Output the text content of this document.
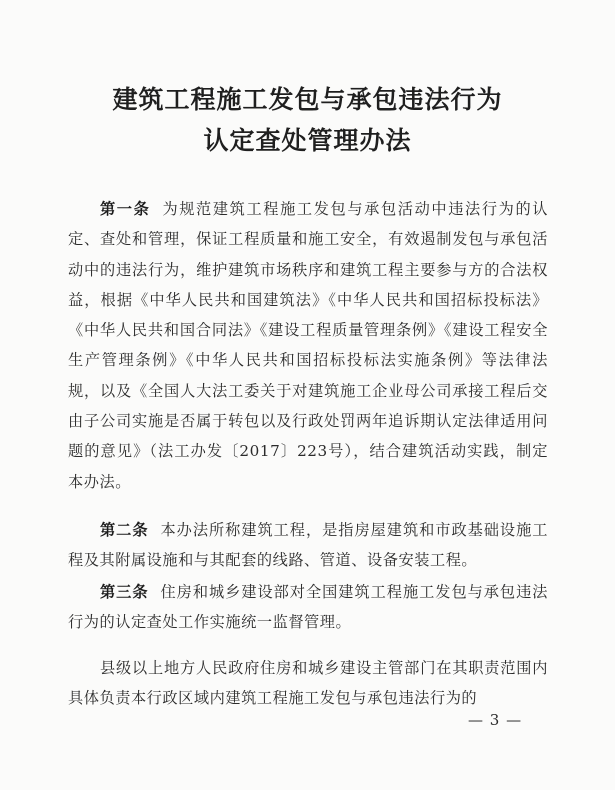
建筑工程施工发包与承包违法行为
认定查处管理办法

第一条 为规范建筑工程施工发包与承包活动中违法行为的认定、查处和管理，保证工程质量和施工安全，有效遏制发包与承包活动中的违法行为，维护建筑市场秩序和建筑工程主要参与方的合法权益，根据《中华人民共和国建筑法》《中华人民共和国招标投标法》《中华人民共和国合同法》《建设工程质量管理条例》《建设工程安全生产管理条例》《中华人民共和国招标投标法实施条例》等法律法规，以及《全国人大法工委关于对建筑施工企业母公司承接工程后交由子公司实施是否属于转包以及行政处罚两年追诉期认定法律适用问题的意见》（法工办发〔2017〕223号），结合建筑活动实践，制定本办法。

第二条 本办法所称建筑工程，是指房屋建筑和市政基础设施工程及其附属设施和与其配套的线路、管道、设备安装工程。

第三条 住房和城乡建设部对全国建筑工程施工发包与承包违法行为的认定查处工作实施统一监督管理。

县级以上地方人民政府住房和城乡建设主管部门在其职责范围内具体负责本行政区域内建筑工程施工发包与承包违法行为的

— 3 —
